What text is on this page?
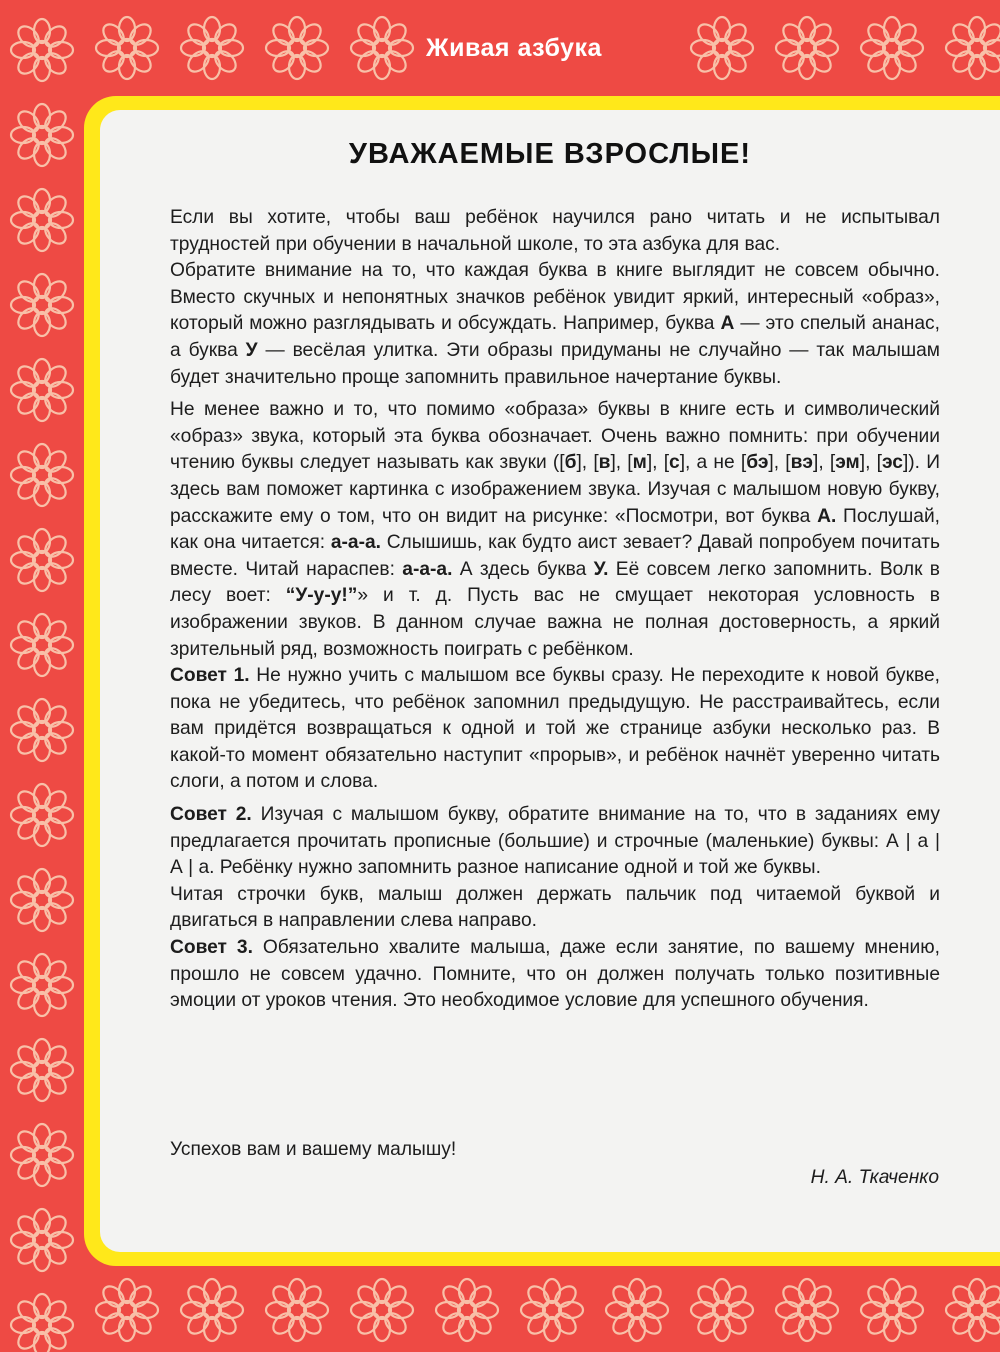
Живая азбука
УВАЖАЕМЫЕ ВЗРОСЛЫЕ!

Если вы хотите, чтобы ваш ребёнок научился рано читать и не испытывал трудностей при обучении в начальной школе, то эта азбука для вас.

Обратите внимание на то, что каждая буква в книге выглядит не совсем обычно. Вместо скучных и непонятных значков ребёнок увидит яркий, интересный «образ», который можно разглядывать и обсуждать. Например, буква А — это спелый ананас, а буква У — весёлая улитка. Эти образы придуманы не случайно — так малышам будет значительно проще запомнить правильное начертание буквы.

Не менее важно и то, что помимо «образа» буквы в книге есть и символический «образ» звука, который эта буква обозначает. Очень важно помнить: при обучении чтению буквы следует называть как звуки ([б], [в], [м], [с], а не [бэ], [вэ], [эм], [эс]). И здесь вам поможет картинка с изображением звука. Изучая с малышом новую букву, расскажите ему о том, что он видит на рисунке: «Посмотри, вот буква А. Послушай, как она читается: а-а-а. Слышишь, как будто аист зевает? Давай попробуем почитать вместе. Читай нараспев: а-а-а. А здесь буква У. Её совсем легко запомнить. Волк в лесу воет: “У-у-у!”» и т. д. Пусть вас не смущает некоторая условность в изображении звуков. В данном случае важна не полная достоверность, а яркий зрительный ряд, возможность поиграть с ребёнком.

Совет 1. Не нужно учить с малышом все буквы сразу. Не переходите к новой букве, пока не убедитесь, что ребёнок запомнил предыдущую. Не расстраивайтесь, если вам придётся возвращаться к одной и той же странице азбуки несколько раз. В какой-то момент обязательно наступит «прорыв», и ребёнок начнёт уверенно читать слоги, а потом и слова.

Совет 2. Изучая с малышом букву, обратите внимание на то, что в заданиях ему предлагается прочитать прописные (большие) и строчные (маленькие) буквы: А | а | А | а. Ребёнку нужно запомнить разное написание одной и той же буквы.

Читая строчки букв, малыш должен держать пальчик под читаемой буквой и двигаться в направлении слева направо.

Совет 3. Обязательно хвалите малыша, даже если занятие, по вашему мнению, прошло не совсем удачно. Помните, что он должен получать только позитивные эмоции от уроков чтения. Это необходимое условие для успешного обучения.

Успехов вам и вашему малышу!

Н. А. Ткаченко
